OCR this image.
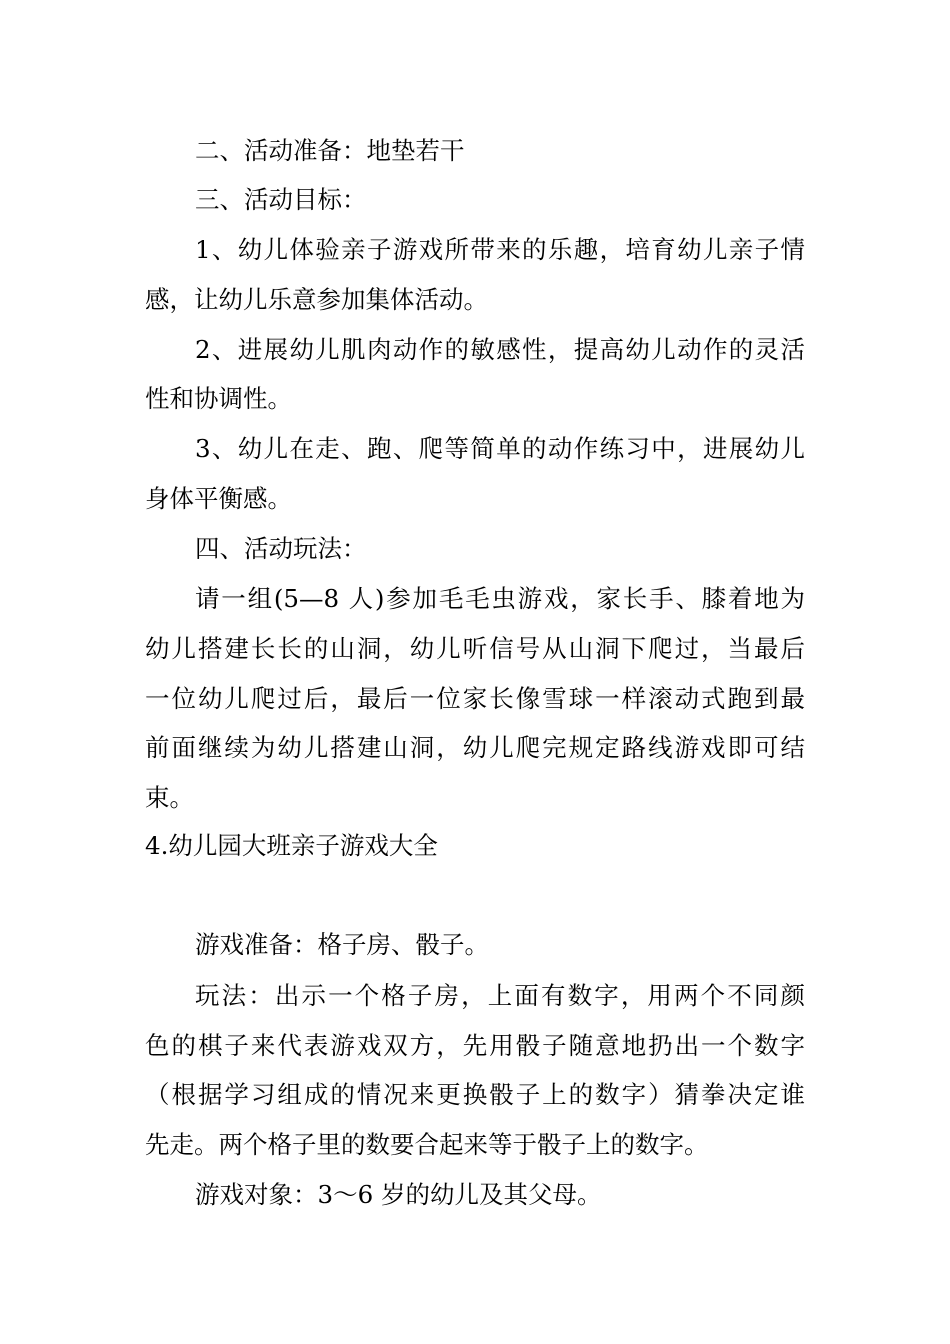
二、活动准备：地垫若干
三、活动目标：
1、幼儿体验亲子游戏所带来的乐趣，培育幼儿亲子情
感，让幼儿乐意参加集体活动。
2、进展幼儿肌肉动作的敏感性，提高幼儿动作的灵活
性和协调性。
3、幼儿在走、跑、爬等简单的动作练习中，进展幼儿
身体平衡感。
四、活动玩法：
请一组(5—8 人)参加毛毛虫游戏，家长手、膝着地为
幼儿搭建长长的山洞，幼儿听信号从山洞下爬过，当最后
一位幼儿爬过后，最后一位家长像雪球一样滚动式跑到最
前面继续为幼儿搭建山洞，幼儿爬完规定路线游戏即可结
束。
4.幼儿园大班亲子游戏大全
游戏准备：格子房、骰子。
玩法：出示一个格子房，上面有数字，用两个不同颜
色的棋子来代表游戏双方，先用骰子随意地扔出一个数字
（根据学习组成的情况来更换骰子上的数字）猜拳决定谁
先走。两个格子里的数要合起来等于骰子上的数字。
游戏对象：3～6 岁的幼儿及其父母。
